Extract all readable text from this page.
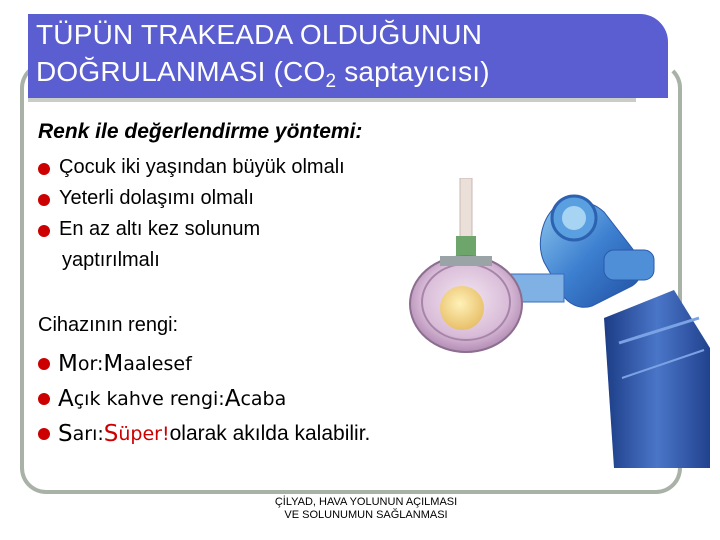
TÜPÜN TRAKEADA OLDUĞUNUN
DOĞRULANMASI ($CO_2$ saptayıcısı)
Renk ile değerlendirme yöntemi:
Çocuk iki yaşından büyük olmalı
Yeterli dolaşımı olmalı
En az altı kez solunum
yaptırılmalı
Cihazının rengi:
M or: M aalesef
A çık kahve rengi: A caba
S arı: S üper! olarak akılda kalabilir.
ÇİLYAD, HAVA YOLUNUN AÇILMASI
VE SOLUNUMUN SAĞLANMASI
